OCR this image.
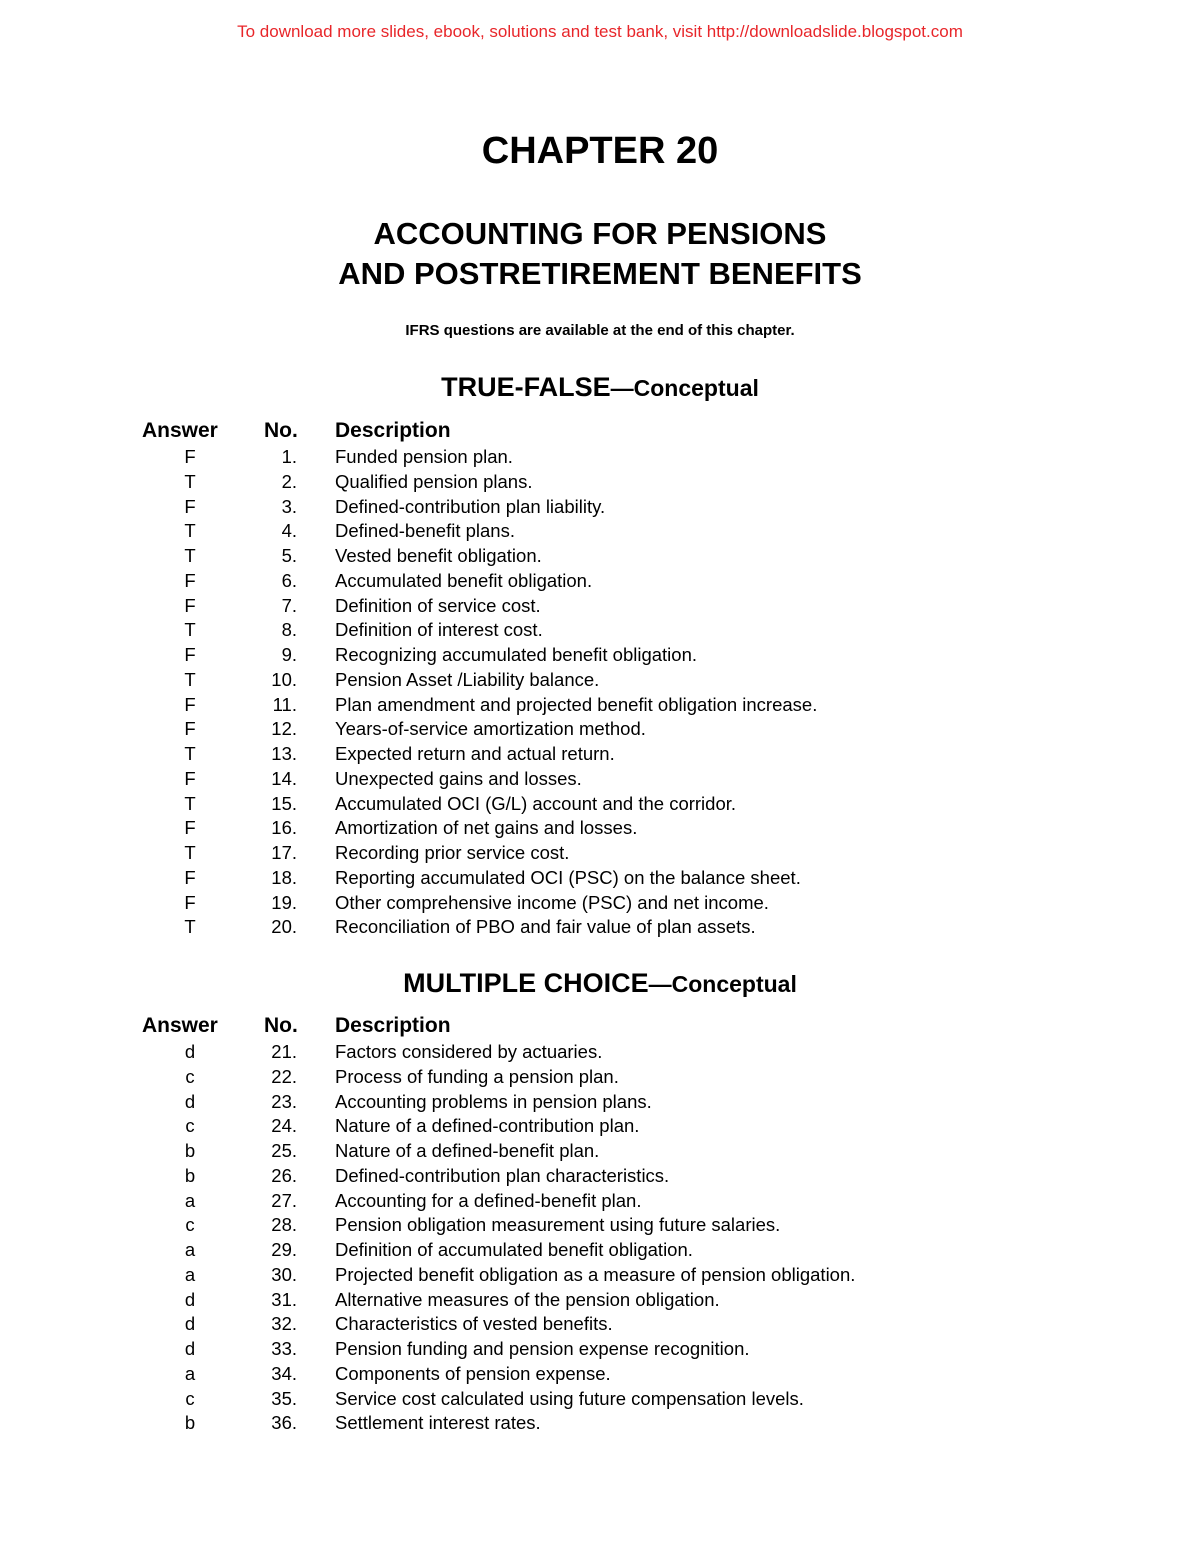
To download more slides, ebook, solutions and test bank, visit http://downloadslide.blogspot.com
CHAPTER 20
ACCOUNTING FOR PENSIONS
AND POSTRETIREMENT BENEFITS
IFRS questions are available at the end of this chapter.
TRUE-FALSE—Conceptual
Answer No. Description
F	1. Funded pension plan.
T	2. Qualified pension plans.
F	3. Defined-contribution plan liability.
T	4. Defined-benefit plans.
T	5. Vested benefit obligation.
F	6. Accumulated benefit obligation.
F	7. Definition of service cost.
T	8. Definition of interest cost.
F	9. Recognizing accumulated benefit obligation.
T	10. Pension Asset /Liability balance.
F	11. Plan amendment and projected benefit obligation increase.
F	12. Years-of-service amortization method.
T	13. Expected return and actual return.
F	14. Unexpected gains and losses.
T	15. Accumulated OCI (G/L) account and the corridor.
F	16. Amortization of net gains and losses.
T	17. Recording prior service cost.
F	18. Reporting accumulated OCI (PSC) on the balance sheet.
F	19. Other comprehensive income (PSC) and net income.
T	20. Reconciliation of PBO and fair value of plan assets.
MULTIPLE CHOICE—Conceptual
Answer No. Description
d	21. Factors considered by actuaries.
c	22. Process of funding a pension plan.
d	23. Accounting problems in pension plans.
c	24. Nature of a defined-contribution plan.
b	25. Nature of a defined-benefit plan.
b	26. Defined-contribution plan characteristics.
a	27. Accounting for a defined-benefit plan.
c	28. Pension obligation measurement using future salaries.
a	29. Definition of accumulated benefit obligation.
a	30. Projected benefit obligation as a measure of pension obligation.
d	31. Alternative measures of the pension obligation.
d	32. Characteristics of vested benefits.
d	33. Pension funding and pension expense recognition.
a	34. Components of pension expense.
c	35. Service cost calculated using future compensation levels.
b	36. Settlement interest rates.
